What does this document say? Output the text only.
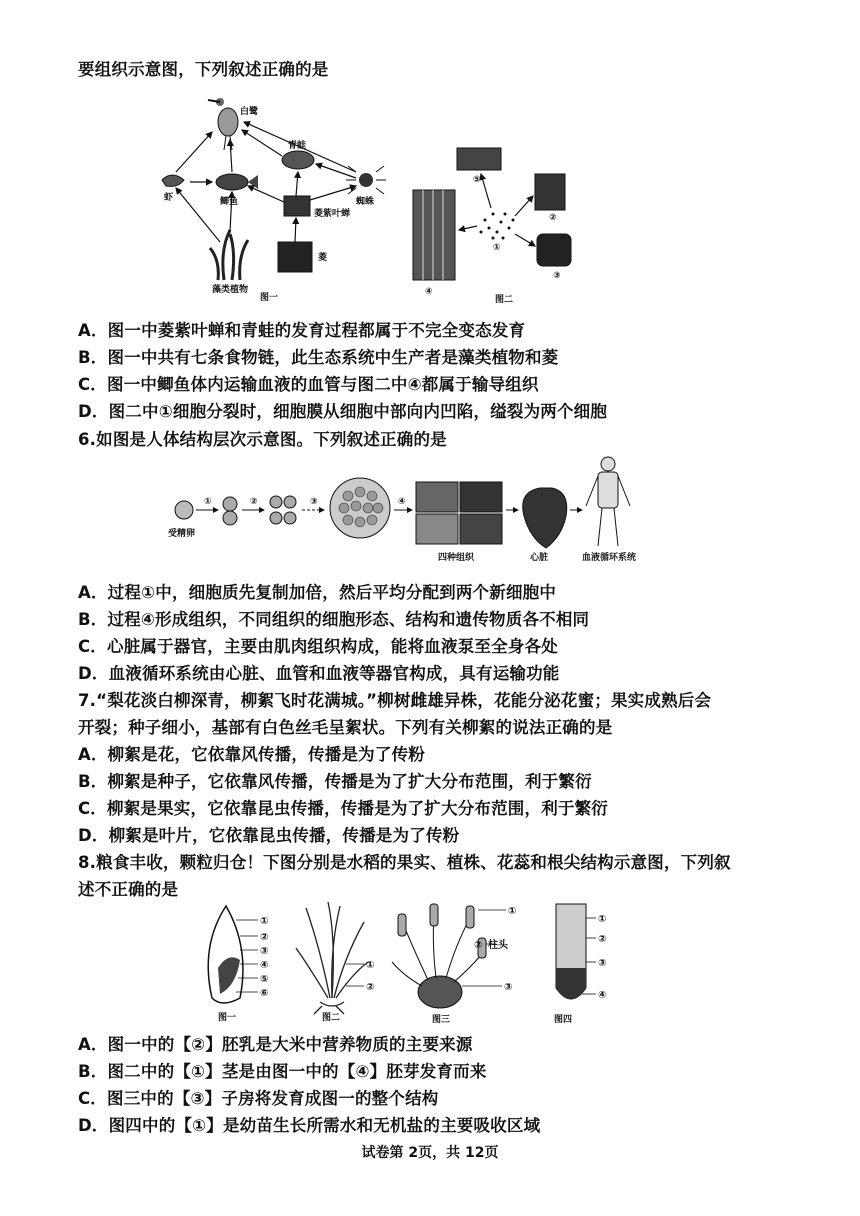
要组织示意图，下列叙述正确的是
白鹭
虾	鲫鱼
青蛙
蜘蛛
菱紫叶蝉
菱
藻类植物
图一
①
②
③
④
⑤
图二
A．图一中菱紫叶蝉和青蛙的发育过程都属于不完全变态发育
B．图一中共有七条食物链，此生态系统中生产者是藻类植物和菱
C．图一中鲫鱼体内运输血液的血管与图二中④都属于输导组织
D．图二中①细胞分裂时，细胞膜从细胞中部向内凹陷，缢裂为两个细胞
6.如图是人体结构层次示意图。下列叙述正确的是
受精卵
①	②	③	④
四种组织	心脏	血液循环系统
A．过程①中，细胞质先复制加倍，然后平均分配到两个新细胞中
B．过程④形成组织，不同组织的细胞形态、结构和遗传物质各不相同
C．心脏属于器官，主要由肌肉组织构成，能将血液泵至全身各处
D．血液循环系统由心脏、血管和血液等器官构成，具有运输功能
7.“梨花淡白柳深青，柳絮飞时花满城。”柳树雌雄异株，花能分泌花蜜；果实成熟后会
开裂；种子细小，基部有白色丝毛呈絮状。下列有关柳絮的说法正确的是
A．柳絮是花，它依靠风传播，传播是为了传粉
B．柳絮是种子，它依靠风传播，传播是为了扩大分布范围，利于繁衍
C．柳絮是果实，它依靠昆虫传播，传播是为了扩大分布范围，利于繁衍
D．柳絮是叶片，它依靠昆虫传播，传播是为了传粉
8.粮食丰收，颗粒归仓！下图分别是水稻的果实、植株、花蕊和根尖结构示意图，下列叙
述不正确的是
①
②
③
④
⑤
⑥
图一
①
②
图二
①
② 柱头
③
图三
①
②
③
④
图四
A．图一中的【②】胚乳是大米中营养物质的主要来源
B．图二中的【①】茎是由图一中的【④】胚芽发育而来
C．图三中的【③】子房将发育成图一的整个结构
D．图四中的【①】是幼苗生长所需水和无机盐的主要吸收区域
试卷第 2页，共 12页
